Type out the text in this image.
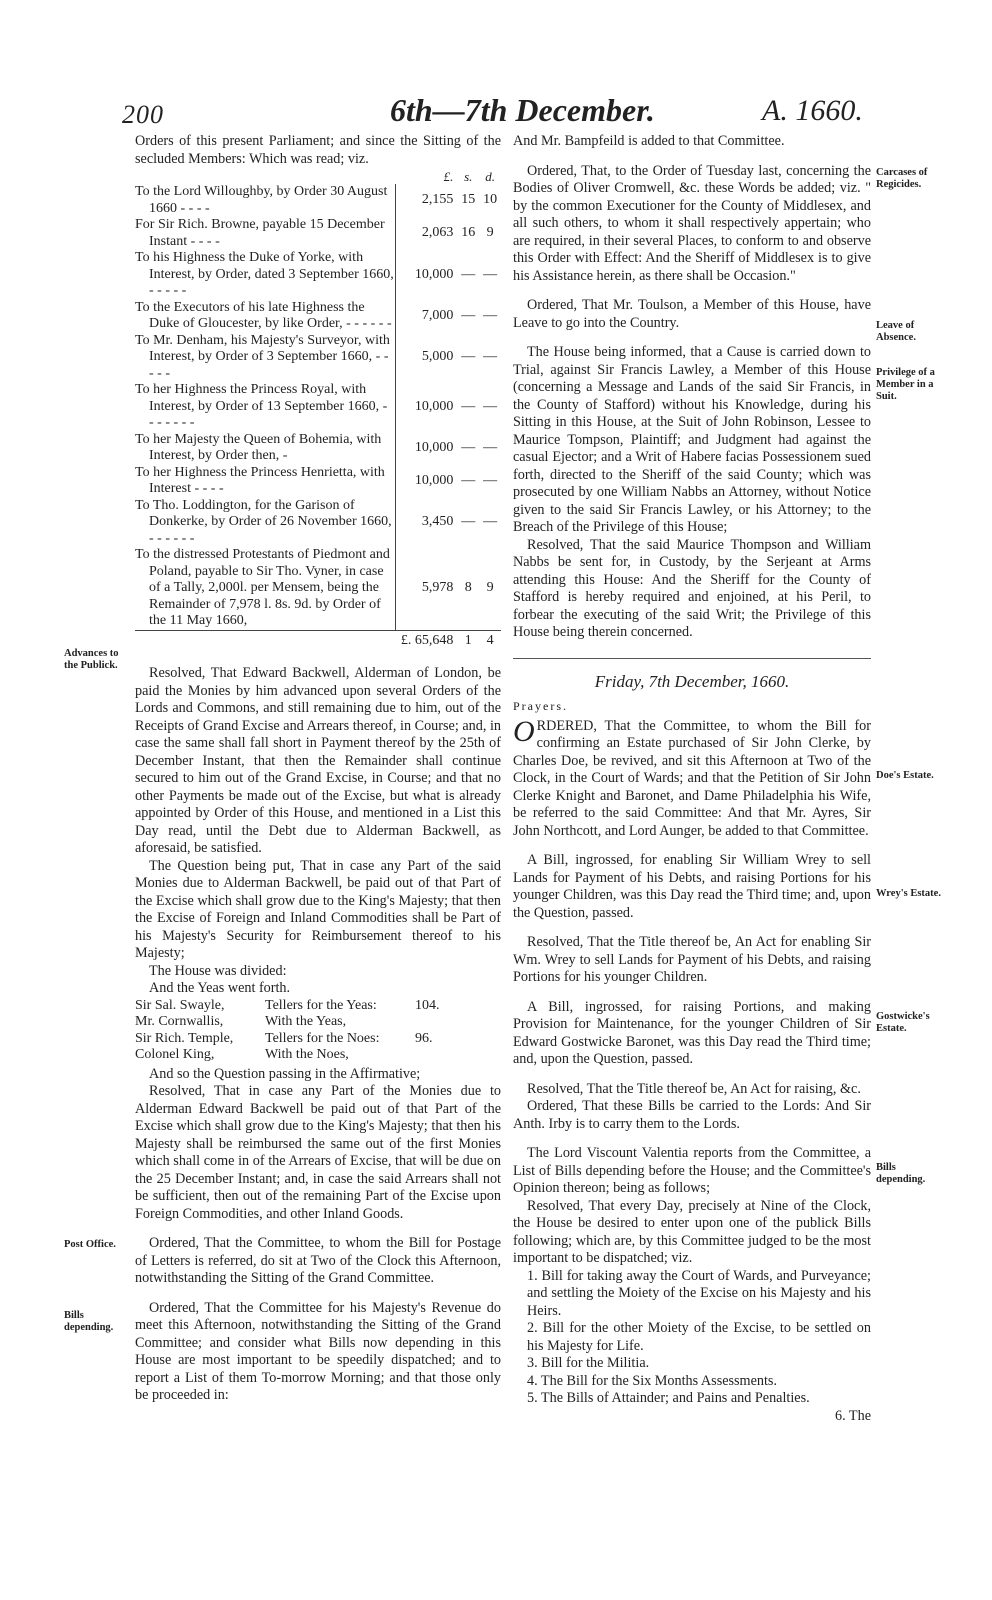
200	6th—7th December.	A. 1660.

Orders of this present Parliament; and since the Sitting of the secluded Members: Which was read; viz.

	£.	s.	d.
To the Lord Willoughby, by Order 30 August 1660 - - - -	2,155	15	10
For Sir Rich. Browne, payable 15 December Instant - - - -	2,063	16	9
To his Highness the Duke of Yorke, with Interest, by Order, dated 3 September 1660, - - - - -	10,000	—	—
To the Executors of his late Highness the Duke of Gloucester, by like Order, - - - - - -	7,000	—	—
To Mr. Denham, his Majesty's Surveyor, with Interest, by Order of 3 September 1660, - - - - -	5,000	—	—
To her Highness the Princess Royal, with Interest, by Order of 13 September 1660, - - - - - - -	10,000	—	—
To her Majesty the Queen of Bohemia, with Interest, by Order then, -	10,000	—	—
To her Highness the Princess Henrietta, with Interest - - - -	10,000	—	—
To Tho. Loddington, for the Garison of Donkerke, by Order of 26 November 1660, - - - - - -	3,450	—	—
To the distressed Protestants of Piedmont and Poland, payable to Sir Tho. Vyner, in case of a Tally, 2,000l. per Mensem, being the Remainder of 7,978 l. 8s. 9d. by Order of the 11 May 1660,	5,978	8	9
	£. 65,648	1	4

Resolved, That Edward Backwell, Alderman of London, be paid the Monies by him advanced upon several Orders of the Lords and Commons, and still remaining due to him, out of the Receipts of Grand Excise and Arrears thereof, in Course; and, in case the same shall fall short in Payment thereof by the 25th of December Instant, that then the Remainder shall continue secured to him out of the Grand Excise, in Course; and that no other Payments be made out of the Excise, but what is already appointed by Order of this House, and mentioned in a List this Day read, until the Debt due to Alderman Backwell, as aforesaid, be satisfied.

The Question being put, That in case any Part of the said Monies due to Alderman Backwell, be paid out of that Part of the Excise which shall grow due to the King's Majesty; that then the Excise of Foreign and Inland Commodities shall be Part of his Majesty's Security for Reimbursement thereof to his Majesty;

The House was divided:

And the Yeas went forth.

Sir Sal. Swayle,	Tellers for the Yeas:	104.
Mr. Cornwallis,	With the Yeas,	
Sir Rich. Temple,	Tellers for the Noes:	96.
Colonel King,	With the Noes,	

And so the Question passing in the Affirmative;

Resolved, That in case any Part of the Monies due to Alderman Edward Backwell be paid out of that Part of the Excise which shall grow due to the King's Majesty; that then his Majesty shall be reimbursed the same out of the first Monies which shall come in of the Arrears of Excise, that will be due on the 25 December Instant; and, in case the said Arrears shall not be sufficient, then out of the remaining Part of the Excise upon Foreign Commodities, and other Inland Goods.

Ordered, That the Committee, to whom the Bill for Postage of Letters is referred, do sit at Two of the Clock this Afternoon, notwithstanding the Sitting of the Grand Committee.

Ordered, That the Committee for his Majesty's Revenue do meet this Afternoon, notwithstanding the Sitting of the Grand Committee; and consider what Bills now depending in this House are most important to be speedily dispatched; and to report a List of them To-morrow Morning; and that those only be proceeded in:

Advances to the Publick.
Post Office.
Bills depending.

And Mr. Bampfeild is added to that Committee.

Ordered, That, to the Order of Tuesday last, concerning the Bodies of Oliver Cromwell, &c. these Words be added; viz. " by the common Executioner for the County of Middlesex, and all such others, to whom it shall respectively appertain; who are required, in their several Places, to conform to and observe this Order with Effect: And the Sheriff of Middlesex is to give his Assistance herein, as there shall be Occasion."

Ordered, That Mr. Toulson, a Member of this House, have Leave to go into the Country.

The House being informed, that a Cause is carried down to Trial, against Sir Francis Lawley, a Member of this House (concerning a Message and Lands of the said Sir Francis, in the County of Stafford) without his Knowledge, during his Sitting in this House, at the Suit of John Robinson, Lessee to Maurice Tompson, Plaintiff; and Judgment had against the casual Ejector; and a Writ of Habere facias Possessionem sued forth, directed to the Sheriff of the said County; which was prosecuted by one William Nabbs an Attorney, without Notice given to the said Sir Francis Lawley, or his Attorney; to the Breach of the Privilege of this House;

Resolved, That the said Maurice Thompson and William Nabbs be sent for, in Custody, by the Serjeant at Arms attending this House: And the Sheriff for the County of Stafford is hereby required and enjoined, at his Peril, to forbear the executing of the said Writ; the Privilege of this House being therein concerned.

Friday, 7th December, 1660.
Prayers.

ORDERED, That the Committee, to whom the Bill for confirming an Estate purchased of Sir John Clerke, by Charles Doe, be revived, and sit this Afternoon at Two of the Clock, in the Court of Wards; and that the Petition of Sir John Clerke Knight and Baronet, and Dame Philadelphia his Wife, be referred to the said Committee: And that Mr. Ayres, Sir John Northcott, and Lord Aunger, be added to that Committee.

A Bill, ingrossed, for enabling Sir William Wrey to sell Lands for Payment of his Debts, and raising Portions for his younger Children, was this Day read the Third time; and, upon the Question, passed.

Resolved, That the Title thereof be, An Act for enabling Sir Wm. Wrey to sell Lands for Payment of his Debts, and raising Portions for his younger Children.

A Bill, ingrossed, for raising Portions, and making Provision for Maintenance, for the younger Children of Sir Edward Gostwicke Baronet, was this Day read the Third time; and, upon the Question, passed.

Resolved, That the Title thereof be, An Act for raising, &c.

Ordered, That these Bills be carried to the Lords: And Sir Anth. Irby is to carry them to the Lords.

The Lord Viscount Valentia reports from the Committee, a List of Bills depending before the House; and the Committee's Opinion thereon; being as follows;

Resolved, That every Day, precisely at Nine of the Clock, the House be desired to enter upon one of the publick Bills following; which are, by this Committee judged to be the most important to be dispatched; viz.

1. Bill for taking away the Court of Wards, and Purveyance; and settling the Moiety of the Excise on his Majesty and his Heirs.

2. Bill for the other Moiety of the Excise, to be settled on his Majesty for Life.

3. Bill for the Militia.

4. The Bill for the Six Months Assessments.

5. The Bills of Attainder; and Pains and Penalties.

6. The
Carcases of Regicides.
Leave of Absence.
Privilege of a Member in a Suit.
Doe's Estate.
Wrey's Estate.
Gostwicke's Estate.
Bills depending.
